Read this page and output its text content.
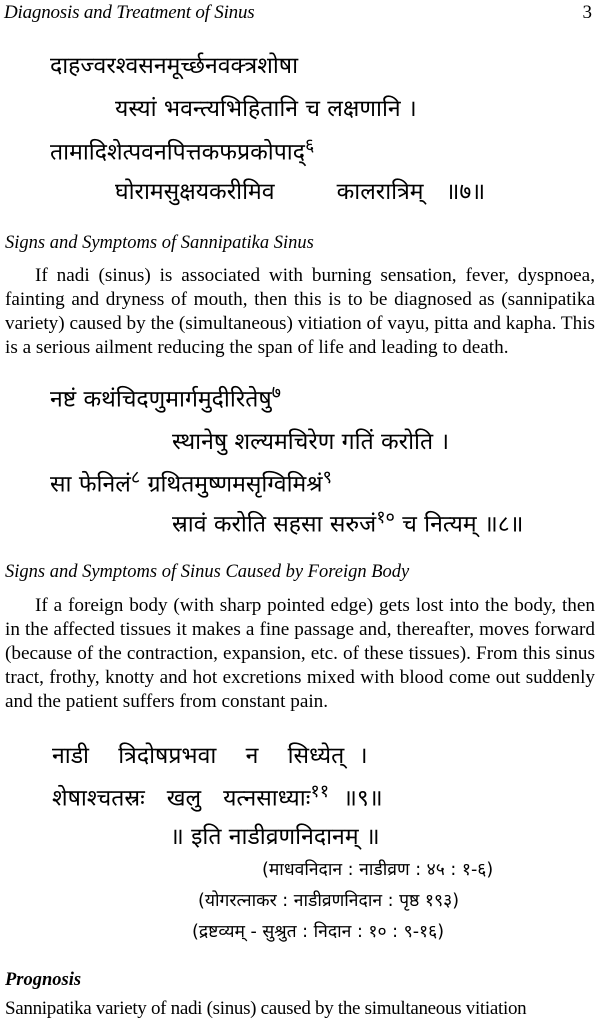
Diagnosis and Treatment of Sinus	3
दाहज्वरश्वसनमूर्च्छनवक्त्रशोषा
यस्यां भवन्त्यभिहितानि च लक्षणानि ।
तामादिशेत्पवनपित्तकफप्रकोपाद्$^६$
घोरामसुक्षयकरीमिव	कालरात्रिम् ॥७॥
Signs and Symptoms of Sannipatika Sinus

If nadi (sinus) is associated with burning sensation, fever, dyspnoea, fainting and dryness of mouth, then this is to be diagnosed as (sannipatika variety) caused by the (simultaneous) vitiation of vayu, pitta and kapha. This is a serious ailment reducing the span of life and leading to death.

नष्टं कथंचिदणुमार्गमुदीरितेषु$^७$
स्थानेषु शल्यमचिरेण गतिं करोति ।
सा फेनिलं$^८$ ग्रथितमुष्णमसृग्विमिश्रं$^९$
स्रावं करोति सहसा सरुजं$^{१०}$ च नित्यम् ॥८॥
Signs and Symptoms of Sinus Caused by Foreign Body

If a foreign body (with sharp pointed edge) gets lost into the body, then in the affected tissues it makes a fine passage and, thereafter, moves forward (because of the contraction, expansion, etc. of these tissues). From this sinus tract, frothy, knotty and hot excretions mixed with blood come out suddenly and the patient suffers from constant pain.

नाडी    त्रिदोषप्रभवा    न    सिध्येत्  ।
शेषाश्चतस्रः   खलु   यत्नसाध्याः$^{११}$ ॥९॥
॥ इति नाडीव्रणनिदानम् ॥
(माधवनिदान : नाडीव्रण : ४५ : १-६)
(योगरत्नाकर : नाडीव्रणनिदान : पृष्ठ १९३)
(द्रष्टव्यम् - सुश्रुत : निदान : १० : ९-१६)
Prognosis
Sannipatika variety of nadi (sinus) caused by the simultaneous vitiation
